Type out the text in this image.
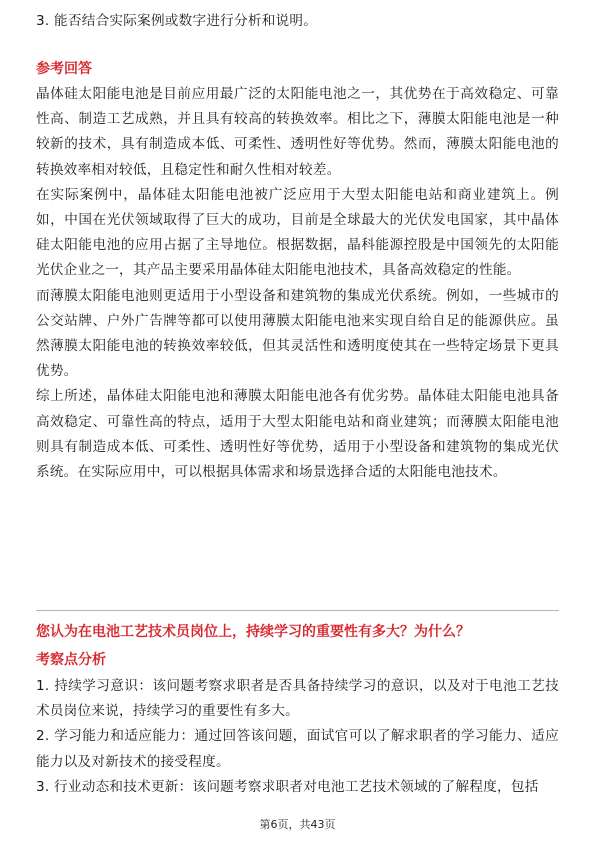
3. 能否结合实际案例或数字进行分析和说明。

参考回答

晶体硅太阳能电池是目前应用最广泛的太阳能电池之一，其优势在于高效稳定、可靠性高、制造工艺成熟，并且具有较高的转换效率。相比之下，薄膜太阳能电池是一种较新的技术，具有制造成本低、可柔性、透明性好等优势。然而，薄膜太阳能电池的转换效率相对较低，且稳定性和耐久性相对较差。

在实际案例中，晶体硅太阳能电池被广泛应用于大型太阳能电站和商业建筑上。例如，中国在光伏领域取得了巨大的成功，目前是全球最大的光伏发电国家，其中晶体硅太阳能电池的应用占据了主导地位。根据数据，晶科能源控股是中国领先的太阳能光伏企业之一，其产品主要采用晶体硅太阳能电池技术，具备高效稳定的性能。

而薄膜太阳能电池则更适用于小型设备和建筑物的集成光伏系统。例如，一些城市的公交站牌、户外广告牌等都可以使用薄膜太阳能电池来实现自给自足的能源供应。虽然薄膜太阳能电池的转换效率较低，但其灵活性和透明度使其在一些特定场景下更具优势。

综上所述，晶体硅太阳能电池和薄膜太阳能电池各有优劣势。晶体硅太阳能电池具备高效稳定、可靠性高的特点，适用于大型太阳能电站和商业建筑；而薄膜太阳能电池则具有制造成本低、可柔性、透明性好等优势，适用于小型设备和建筑物的集成光伏系统。在实际应用中，可以根据具体需求和场景选择合适的太阳能电池技术。

您认为在电池工艺技术员岗位上，持续学习的重要性有多大？为什么？

考察点分析

1. 持续学习意识：该问题考察求职者是否具备持续学习的意识，以及对于电池工艺技术员岗位来说，持续学习的重要性有多大。

2. 学习能力和适应能力：通过回答该问题，面试官可以了解求职者的学习能力、适应能力以及对新技术的接受程度。

3. 行业动态和技术更新：该问题考察求职者对电池工艺技术领域的了解程度，包括

第6页，共43页
